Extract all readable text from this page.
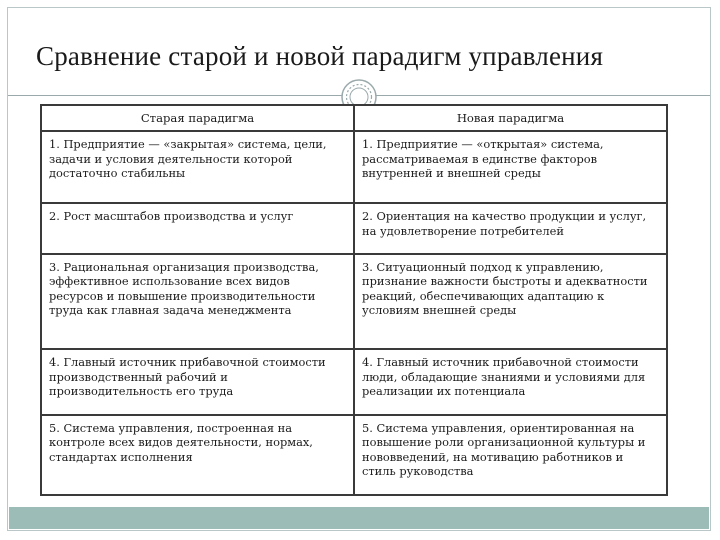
Сравнение старой и новой парадигм управления
Старая парадигма	Новая парадигма
1. Предприятие — «закрытая» система, цели, задачи и условия деятельности которой достаточно стабильны	1. Предприятие — «открытая» система, рассматриваемая в единстве факторов внутренней и внешней среды
2. Рост масштабов производства и услуг	2. Ориентация на качество продукции и услуг, на удовлетворение потребителей
3. Рациональная организация производства, эффективное использование всех видов ресурсов и повышение производительности труда как главная задача менеджмента	3. Ситуационный подход к управлению, признание важности быстроты и адекватности реакций, обеспечивающих адаптацию к условиям внешней среды
4. Главный источник прибавочной стоимости производственный рабочий и производительность его труда	4. Главный источник прибавочной стоимости люди, обладающие знаниями и условиями для реализации их потенциала
5. Система управления, построенная на контроле всех видов деятельности, нормах, стандартах исполнения	5. Система управления, ориентированная на повышение роли организационной культуры и нововведений, на мотивацию работников и стиль руководства
